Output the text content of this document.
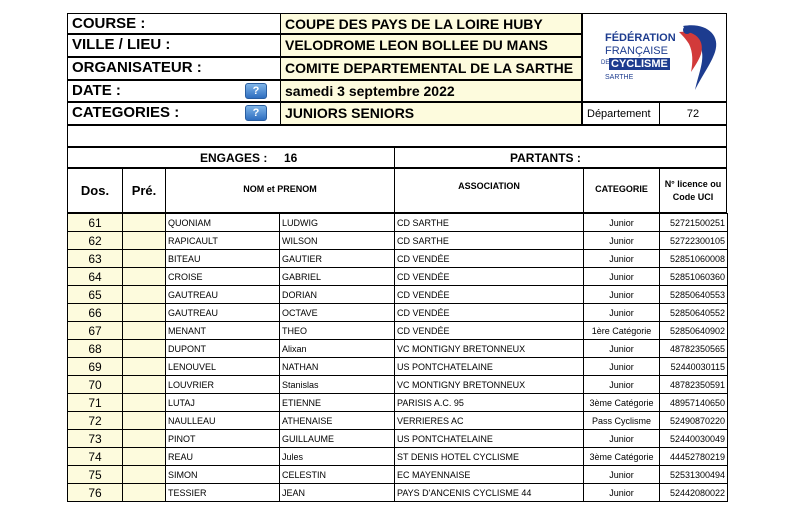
COURSE :	COUPE DES PAYS DE LA LOIRE HUBY
VILLE / LIEU :	VELODROME LEON BOLLEE DU MANS
ORGANISATEUR :	COMITE DEPARTEMENTAL DE LA SARTHE
DATE :	?	samedi 3 septembre 2022
CATEGORIES :	?	JUNIORS SENIORS
FÉDÉRATION
FRANÇAISE
DE CYCLISME
SARTHE
Département	72
ENGAGES : 16	PARTANTS :
Dos.	Pré.	NOM et PRENOM	ASSOCIATION	CATEGORIE	N° licence ou
Code UCI
61		QUONIAM	LUDWIG	CD SARTHE	Junior	52721500251
62		RAPICAULT	WILSON	CD SARTHE	Junior	52722300105
63		BITEAU	GAUTIER	CD VENDÉE	Junior	52851060008
64		CROISE	GABRIEL	CD VENDÉE	Junior	52851060360
65		GAUTREAU	DORIAN	CD VENDÉE	Junior	52850640553
66		GAUTREAU	OCTAVE	CD VENDÉE	Junior	52850640552
67		MENANT	THEO	CD VENDÉE	1ère Catégorie	52850640902
68		DUPONT	Alixan	VC MONTIGNY BRETONNEUX	Junior	48782350565
69		LENOUVEL	NATHAN	US PONTCHATELAINE	Junior	52440030115
70		LOUVRIER	Stanislas	VC MONTIGNY BRETONNEUX	Junior	48782350591
71		LUTAJ	ETIENNE	PARISIS A.C. 95	3ème Catégorie	48957140650
72		NAULLEAU	ATHENAISE	VERRIERES AC	Pass Cyclisme	52490870220
73		PINOT	GUILLAUME	US PONTCHATELAINE	Junior	52440030049
74		REAU	Jules	ST DENIS HOTEL CYCLISME	3ème Catégorie	44452780219
75		SIMON	CELESTIN	EC MAYENNAISE	Junior	52531300494
76		TESSIER	JEAN	PAYS D'ANCENIS CYCLISME 44	Junior	52442080022
